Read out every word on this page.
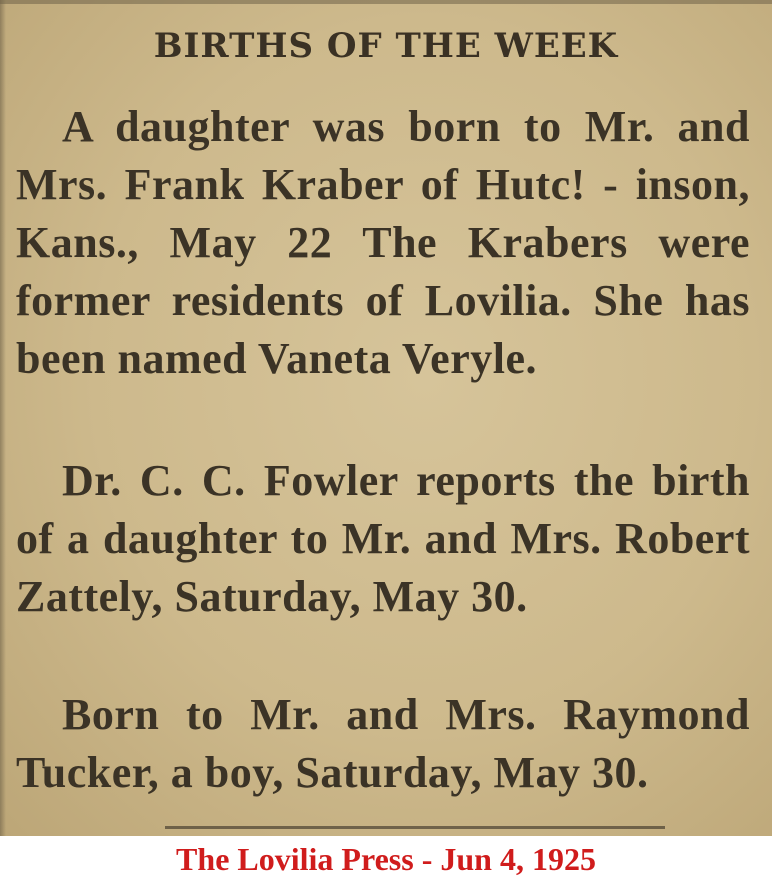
BIRTHS OF THE WEEK

A daughter was born to Mr. and Mrs. Frank Kraber of Hutc! - inson, Kans., May 22 The Krabers were former residents of Lovilia. She has been named Vaneta Veryle.

Dr. C. C. Fowler reports the birth of a daughter to Mr. and Mrs. Robert Zattely, Saturday, May 30.

Born to Mr. and Mrs. Raymond Tucker, a boy, Saturday, May 30.

The Lovilia Press - Jun 4, 1925
